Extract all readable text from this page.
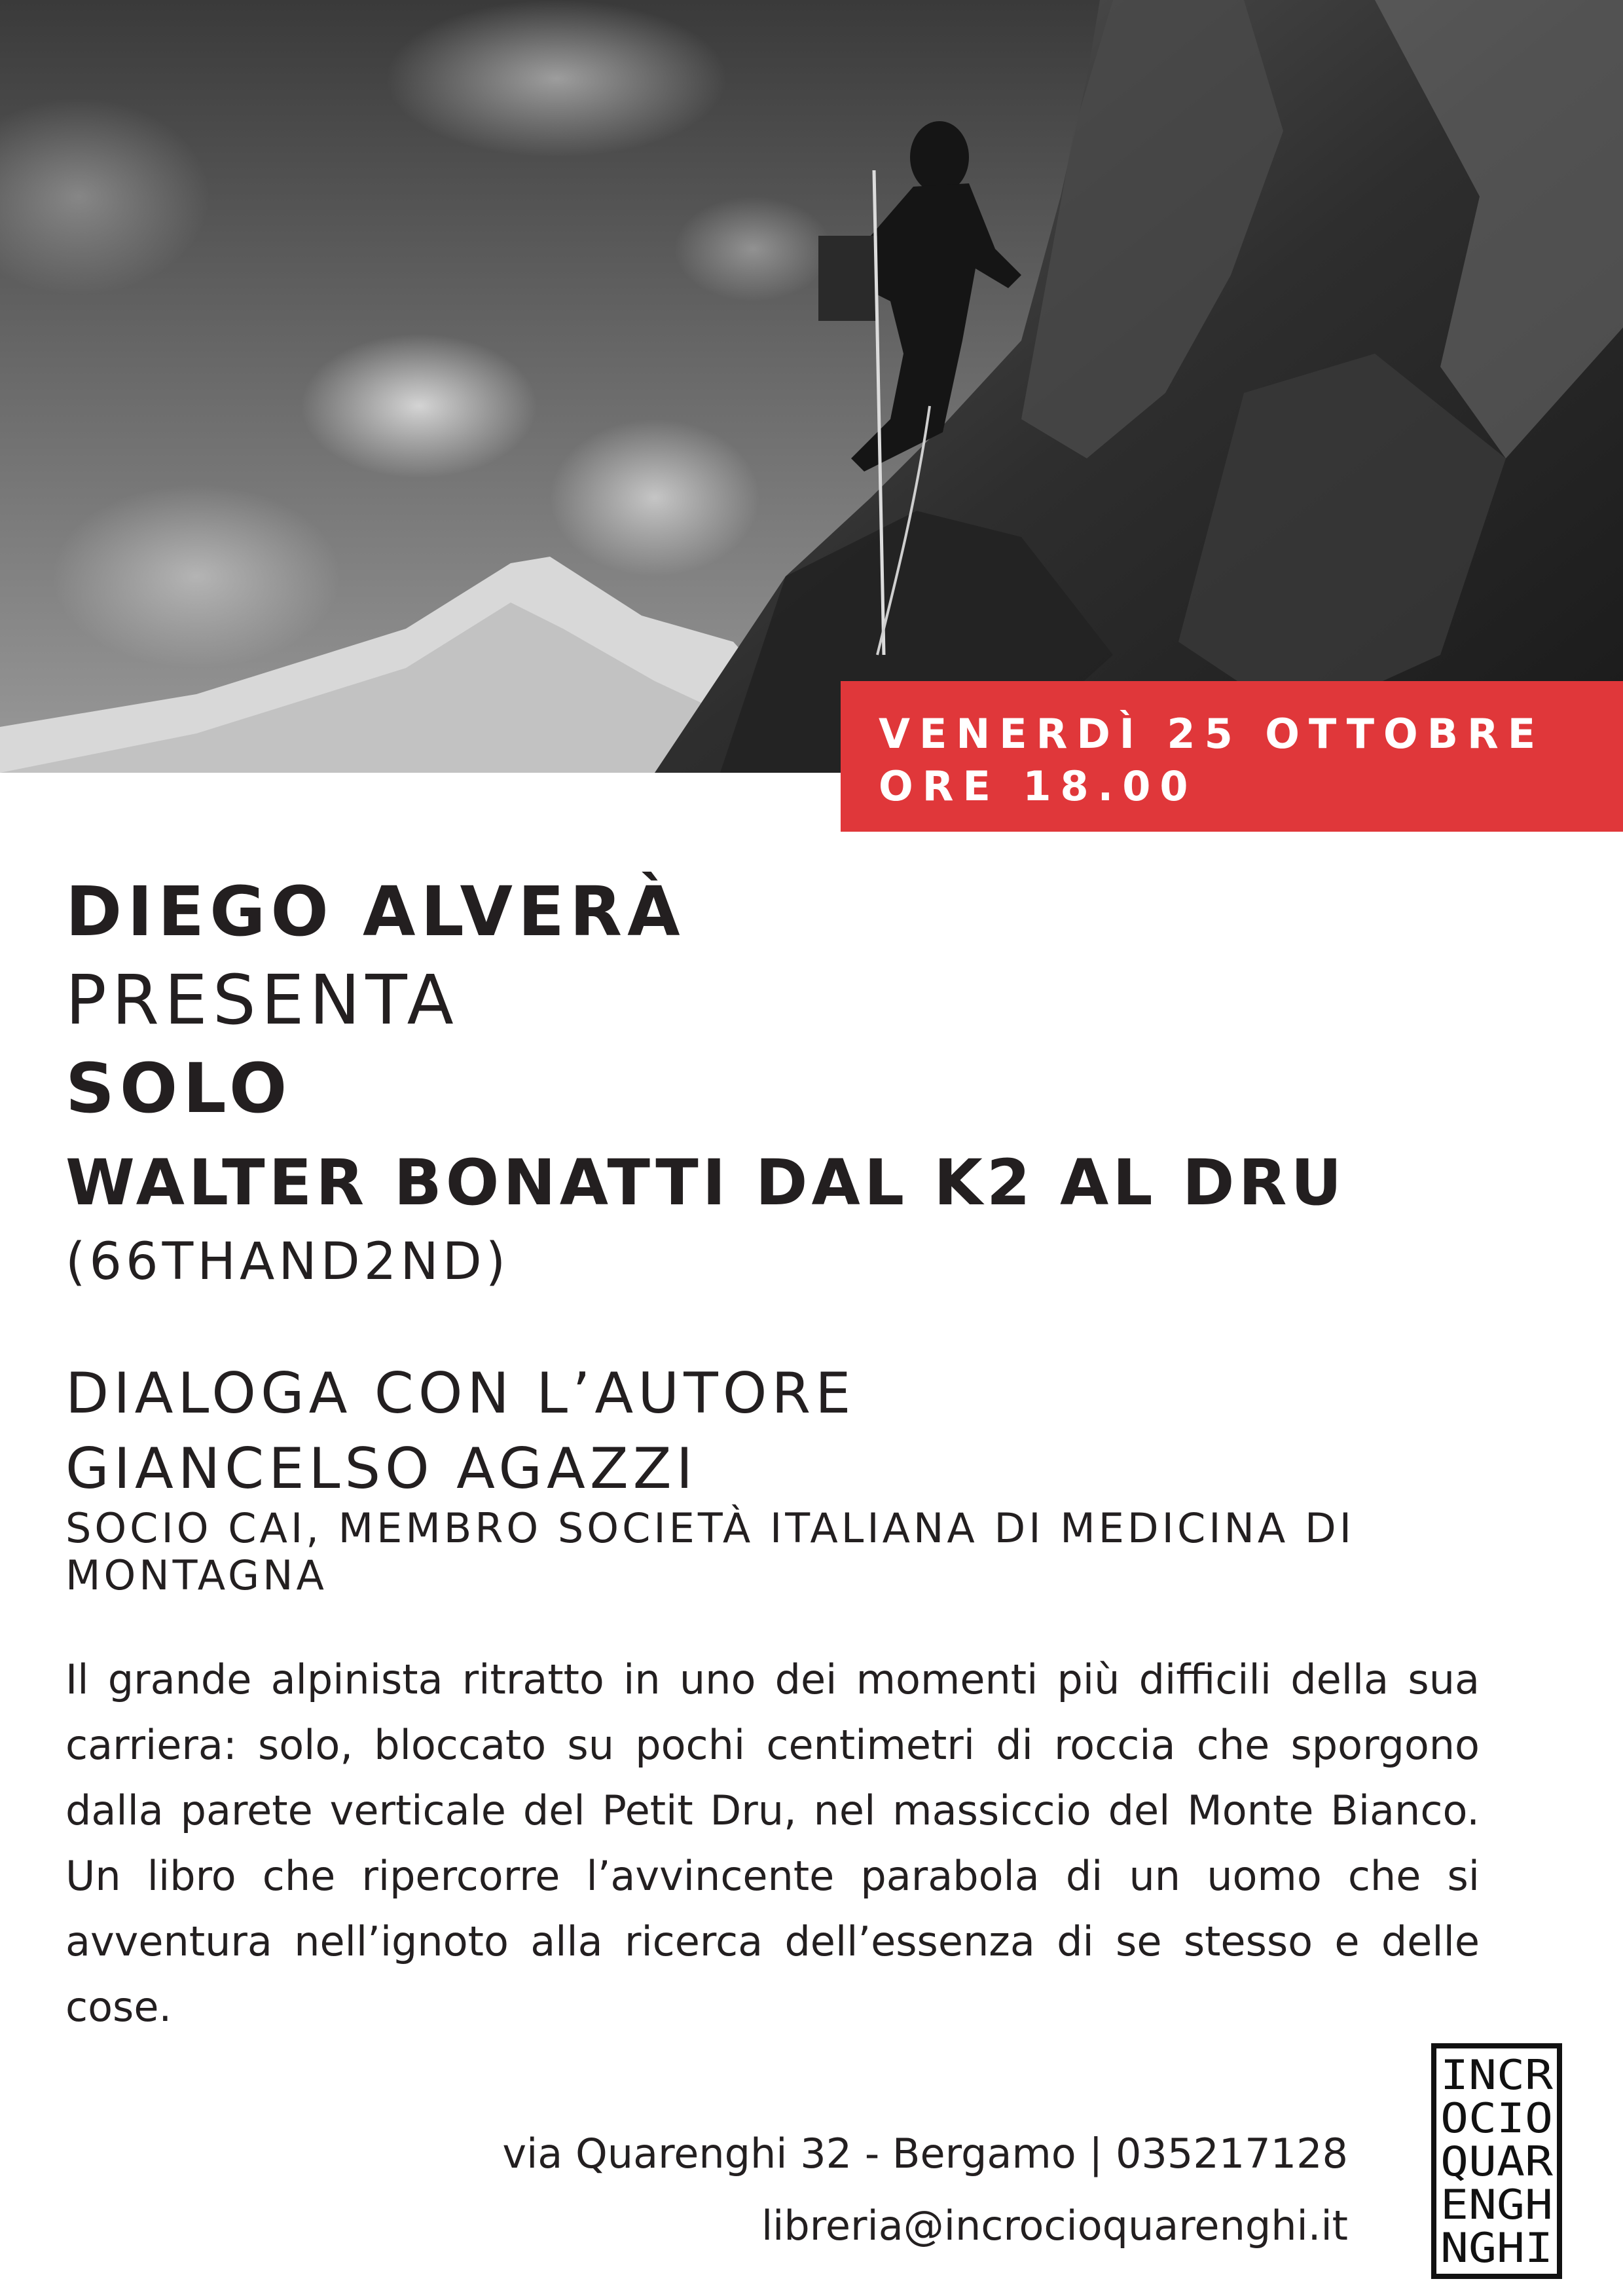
VENERDÌ 25 OTTOBRE
ORE 18.00
DIEGO ALVERÀ
PRESENTA
SOLO
WALTER BONATTI DAL K2 AL DRU
(66THAND2ND)
DIALOGA CON L’AUTORE
GIANCELSO AGAZZI
SOCIO CAI, MEMBRO SOCIETÀ ITALIANA DI MEDICINA DI MONTAGNA

Il grande alpinista ritratto in uno dei momenti più difficili della sua carriera: solo, bloccato su pochi centimetri di roccia che sporgono dalla parete verticale del Petit Dru, nel massiccio del Monte Bianco. Un libro che ripercorre l’avvincente parabola di un uomo che si avventura nell’ignoto alla ricerca dell’essenza di se stesso e delle cose.

via Quarenghi 32 - Bergamo | 035217128

libreria@incrocioquarenghi.it

INCR
OCIO
QUAR
ENGH
NGHI
